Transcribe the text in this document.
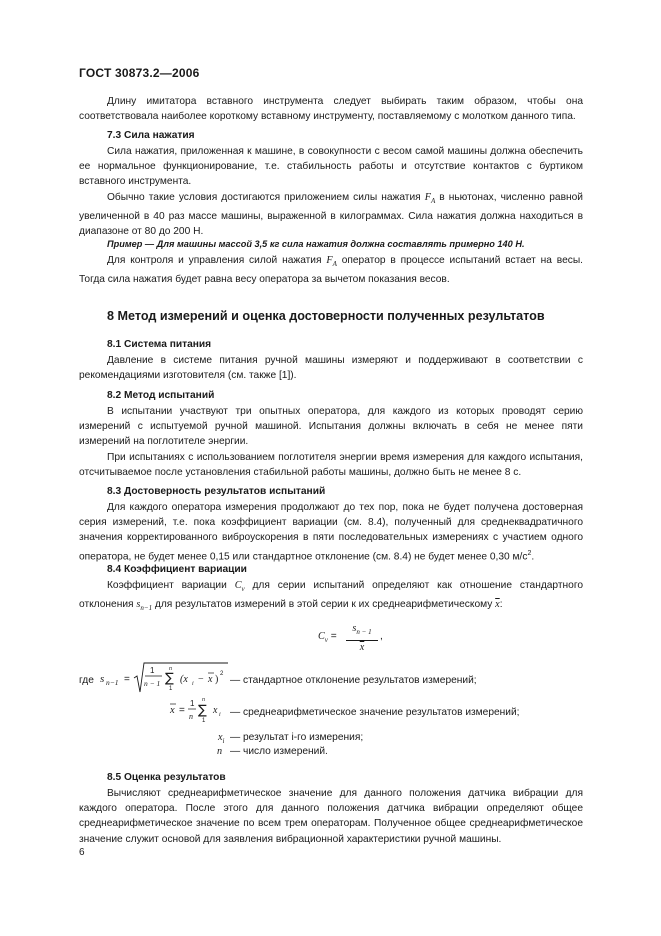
ГОСТ 30873.2—2006

Длину имитатора вставного инструмента следует выбирать таким образом, чтобы она соответствовала наиболее короткому вставному инструменту, поставляемому с молотком данного типа.

7.3 Сила нажатия

Сила нажатия, приложенная к машине, в совокупности с весом самой машины должна обеспечить ее нормальное функционирование, т.е. стабильность работы и отсутствие контактов с буртиком вставного инструмента.

Обычно такие условия достигаются приложением силы нажатия $F_A$ в ньютонах, численно равной увеличенной в 40 раз массе машины, выраженной в килограммах. Сила нажатия должна находиться в диапазоне от 80 до 200 Н.

Пример — Для машины массой 3,5 кг сила нажатия должна составлять примерно 140 Н.

Для контроля и управления силой нажатия $F_A$ оператор в процессе испытаний встает на весы. Тогда сила нажатия будет равна весу оператора за вычетом показания весов.

8 Метод измерений и оценка достоверности полученных результатов
8.1 Система питания

Давление в системе питания ручной машины измеряют и поддерживают в соответствии с рекомендациями изготовителя (см. также [1]).

8.2 Метод испытаний

В испытании участвуют три опытных оператора, для каждого из которых проводят серию измерений с испытуемой ручной машиной. Испытания должны включать в себя не менее пяти измерений на поглотителе энергии.

При испытаниях с использованием поглотителя энергии время измерения для каждого испытания, отсчитываемое после установления стабильной работы машины, должно быть не менее 8 с.

8.3 Достоверность результатов испытаний

Для каждого оператора измерения продолжают до тех пор, пока не будет получена достоверная серия измерений, т.е. пока коэффициент вариации (см. 8.4), полученный для среднеквадратичного значения корректированного виброускорения в пяти последовательных измерениях с участием одного оператора, не будет менее 0,15 или стандартное отклонение (см. 8.4) не будет менее 0,30 $м/с^2$.

8.4 Коэффициент вариации

Коэффициент вариации $C_v$ для серии испытаний определяют как отношение стандартного отклонения $s_{n-1}$ для результатов измерений в этой серии к их среднеарифметическому $\overline{x}$:

$C_v$ =
$s_{n - 1}$
$\overline{x}$
,
где s n−1 =
1
n − 1
n
∑
1
(x i − x ) 2
— стандартное отклонение результатов измерений;
x =
1
n
n
∑
1
x i — среднеарифметическое значение результатов измерений;
$x_i$ — результат i-го измерения;
n — число измерений.
8.5 Оценка результатов

Вычисляют среднеарифметическое значение для данного положения датчика вибрации для каждого оператора. После этого для данного положения датчика вибрации определяют общее среднеарифметическое значение по всем трем операторам. Полученное общее среднеарифметическое значение служит основой для заявления вибрационной характеристики ручной машины.

6
